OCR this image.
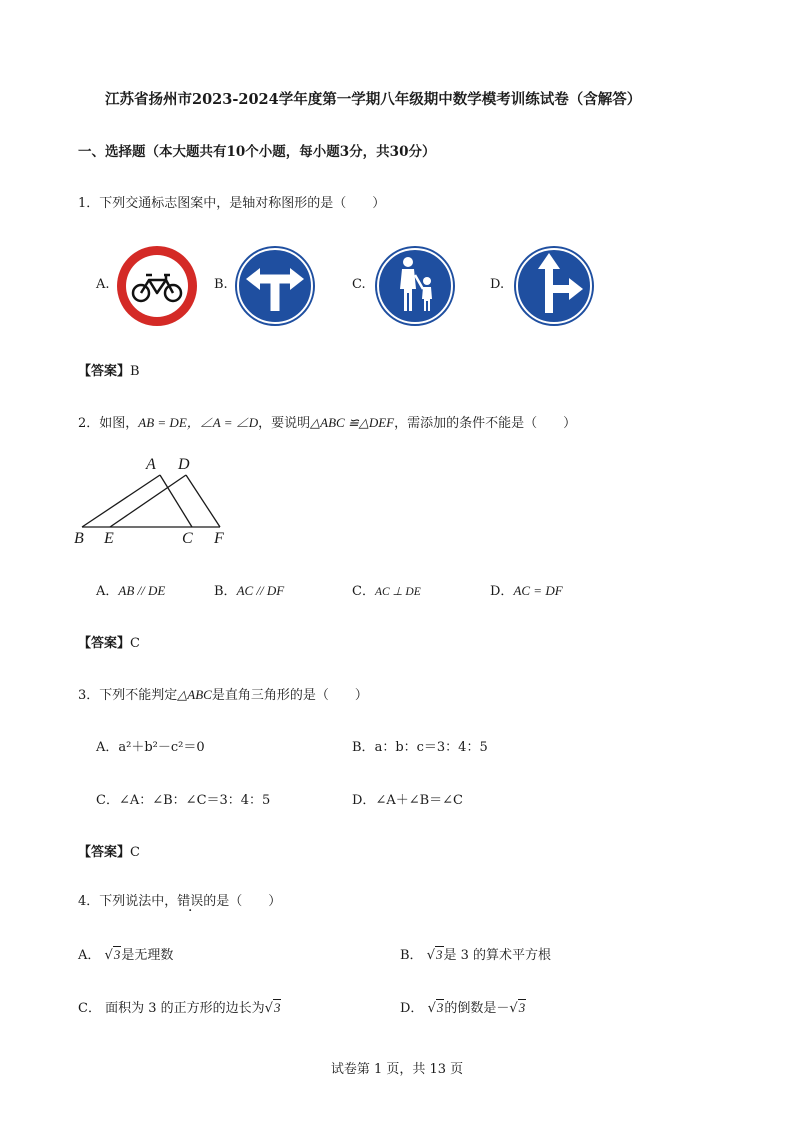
江苏省扬州市2023-2024学年度第一学期八年级期中数学模考训练试卷（含解答）
一、选择题（本大题共有10个小题，每小题3分，共30分）
1．下列交通标志图案中，是轴对称图形的是（　　）
A.	B.	C.	D.
【答案】B
2．如图，AB = DE，∠A = ∠D，要说明△ABC ≌△DEF，需添加的条件不能是（　　）
A D
B E	C F
A．AB // DE	B．AC // DF	C．AC ⊥ DE	D．AC = DF
【答案】C
3．下列不能判定△ABC是直角三角形的是（　　）
A．a²＋b²－c²＝0	B．a：b：c＝3：4：5
C．∠A：∠B：∠C＝3：4：5	D．∠A＋∠B＝∠C
【答案】C
4．下列说法中，错误的是（　　）
A． √3是无理数	B． √3是 3 的算术平方根
C． 面积为 3 的正方形的边长为√3	D． √3的倒数是－√3
试卷第 1 页，共 13 页
